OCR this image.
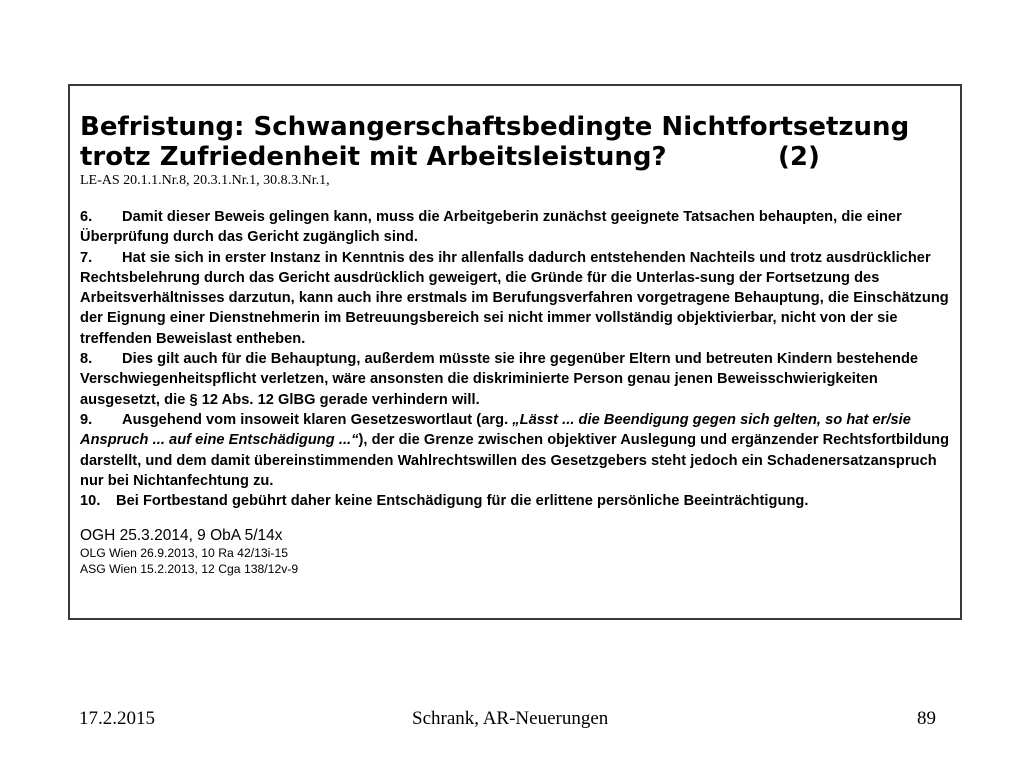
Befristung: Schwangerschaftsbedingte Nichtfortsetzung
trotz Zufriedenheit mit Arbeitsleistung?	(2)

LE-AS 20.1.1.Nr.8, 20.3.1.Nr.1, 30.8.3.Nr.1,

6. Damit dieser Beweis gelingen kann, muss die Arbeitgeberin zunächst geeignete Tatsachen behaupten, die einer Überprüfung durch das Gericht zugänglich sind.

7. Hat sie sich in erster Instanz in Kenntnis des ihr allenfalls dadurch entstehenden Nachteils und trotz ausdrücklicher Rechtsbelehrung durch das Gericht ausdrücklich geweigert, die Gründe für die Unterlas-sung der Fortsetzung des Arbeitsverhältnisses darzutun, kann auch ihre erstmals im Berufungsverfahren vorgetragene Behauptung, die Einschätzung der Eignung einer Dienstnehmerin im Betreuungsbereich sei nicht immer vollständig objektivierbar, nicht von der sie treffenden Beweislast entheben.

8. Dies gilt auch für die Behauptung, außerdem müsste sie ihre gegenüber Eltern und betreuten Kindern bestehende Verschwiegenheitspflicht verletzen, wäre ansonsten die diskriminierte Person genau jenen Beweisschwierigkeiten ausgesetzt, die § 12 Abs. 12 GlBG gerade verhindern will.

9. Ausgehend vom insoweit klaren Gesetzeswortlaut (arg. „Lässt ... die Beendigung gegen sich gelten, so hat er/sie Anspruch ... auf eine Entschädigung ...“), der die Grenze zwischen objektiver Auslegung und ergänzender Rechtsfortbildung darstellt, und dem damit übereinstimmenden Wahlrechtswillen des Gesetzgebers steht jedoch ein Schadenersatzanspruch nur bei Nichtanfechtung zu.

10. Bei Fortbestand gebührt daher keine Entschädigung für die erlittene persönliche Beeinträchtigung.

OGH 25.3.2014, 9 ObA 5/14x

OLG Wien 26.9.2013, 10 Ra 42/13i-15

ASG Wien 15.2.2013, 12 Cga 138/12v-9

17.2.2015	Schrank, AR-Neuerungen	89
